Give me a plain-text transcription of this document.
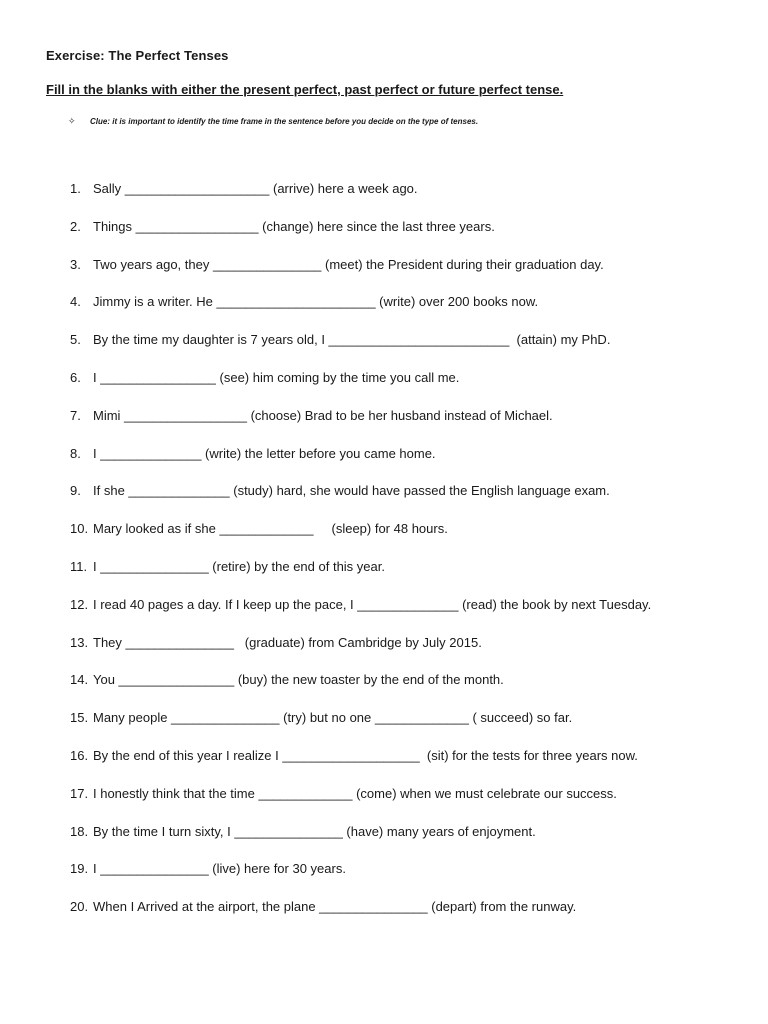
Exercise: The Perfect Tenses
Fill in the blanks with either the present perfect, past perfect or future perfect tense.
✧	Clue: it is important to identify the time frame in the sentence before you decide on the type of tenses.
1. Sally ____________________ (arrive) here a week ago.
2. Things _________________ (change) here since the last three years.
3. Two years ago, they _______________ (meet) the President during their graduation day.
4. Jimmy is a writer. He ______________________ (write) over 200 books now.
5. By the time my daughter is 7 years old, I _________________________  (attain) my PhD.
6. I ________________ (see) him coming by the time you call me.
7. Mimi _________________ (choose) Brad to be her husband instead of Michael.
8. I ______________ (write) the letter before you came home.
9. If she ______________ (study) hard, she would have passed the English language exam.
10. Mary looked as if she _____________     (sleep) for 48 hours.
11. I _______________ (retire) by the end of this year.
12. I read 40 pages a day. If I keep up the pace, I ______________ (read) the book by next Tuesday.
13. They _______________   (graduate) from Cambridge by July 2015.
14. You ________________ (buy) the new toaster by the end of the month.
15. Many people _______________ (try) but no one _____________ ( succeed) so far.
16. By the end of this year I realize I ___________________  (sit) for the tests for three years now.
17. I honestly think that the time _____________ (come) when we must celebrate our success.
18. By the time I turn sixty, I _______________ (have) many years of enjoyment.
19. I _______________ (live) here for 30 years.
20. When I Arrived at the airport, the plane _______________ (depart) from the runway.
